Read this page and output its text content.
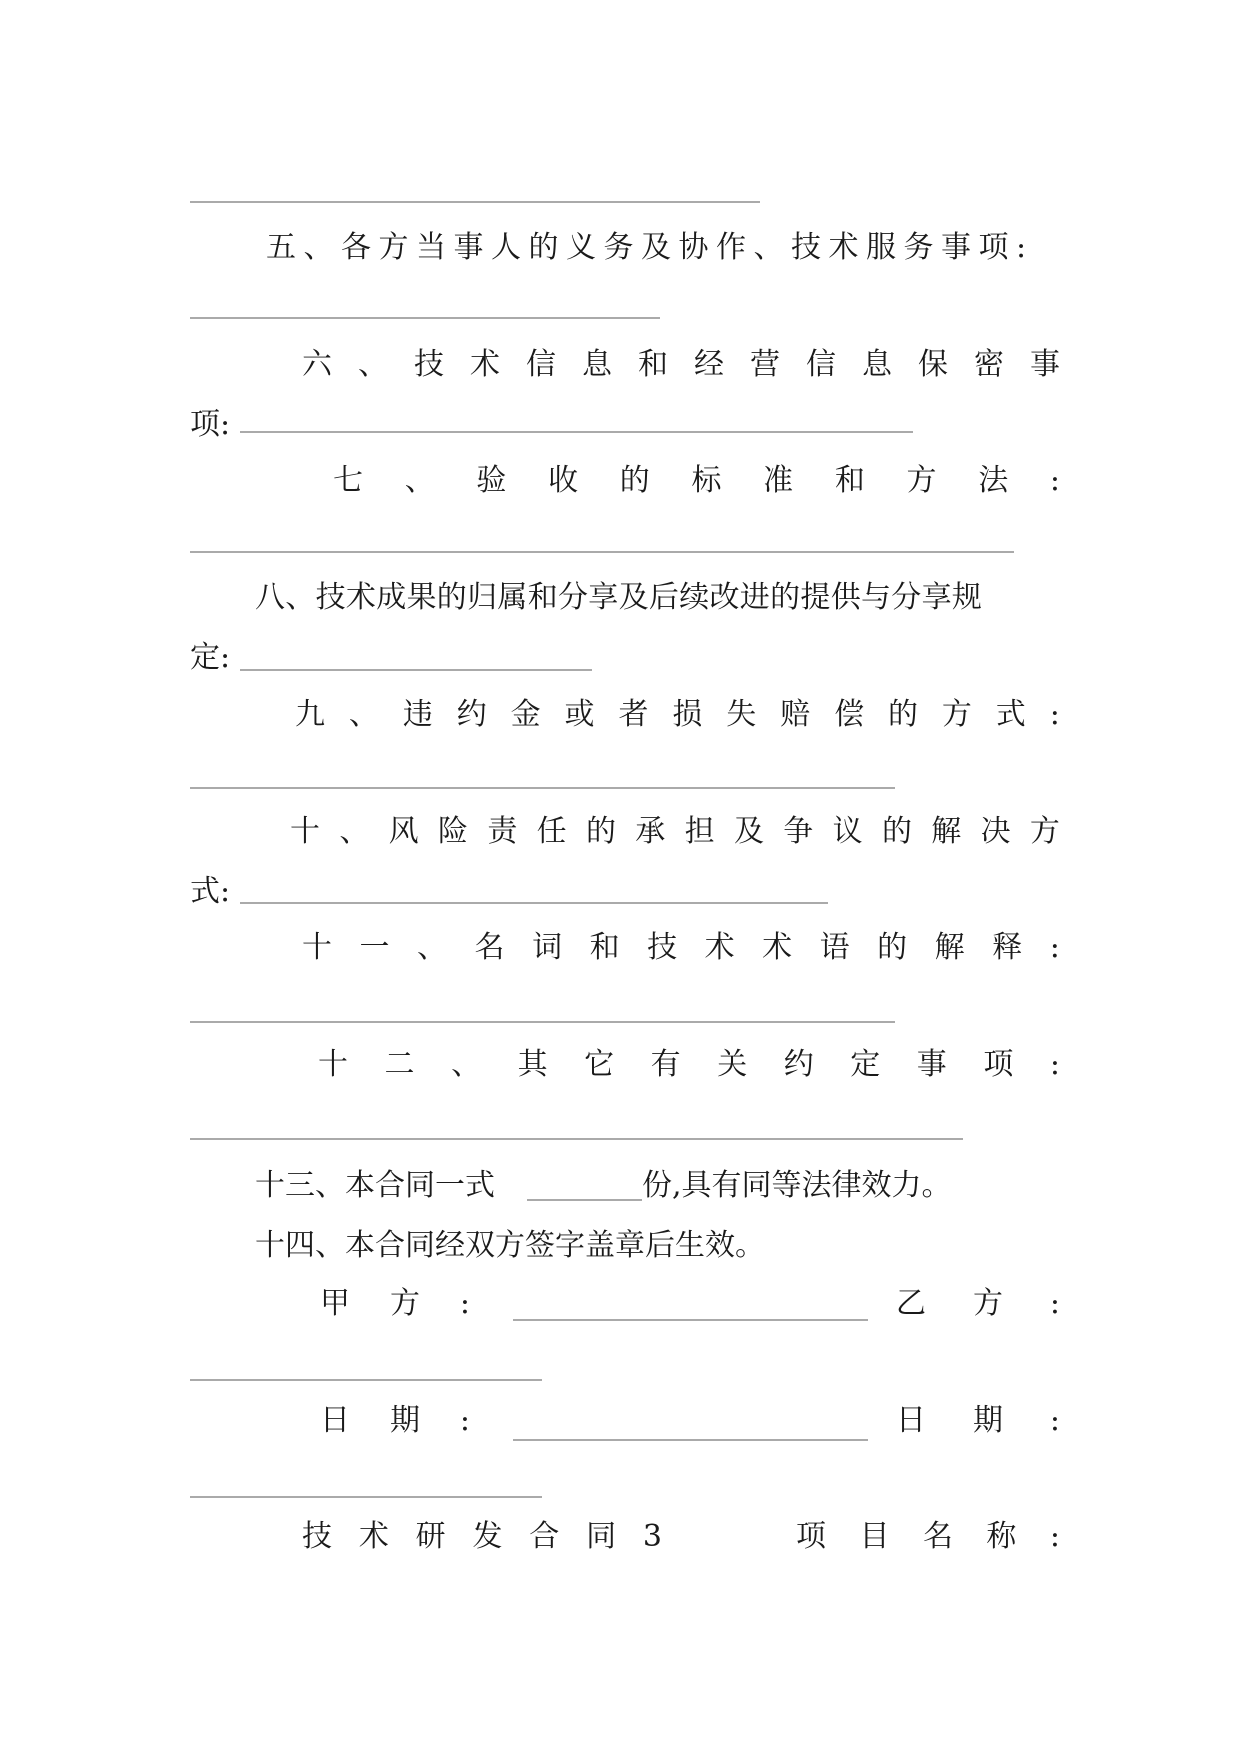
五、各方当事人的义务及协作、技术服务事项:
六 、 技 术 信 息 和 经 营 信 息 保 密 事
项:
七 、 验 收 的 标 准 和 方 法 :
八、技术成果的归属和分享及后续改进的提供与分享规
定:
九 、 违 约 金 或 者 损 失 赔 偿 的 方 式 :
十 、 风 险 责 任 的 承 担 及 争 议 的 解 决 方
式:
十 一 、 名 词 和 技 术 术 语 的 解 释 :
十 二 、 其 它 有 关 约 定 事 项 :
十三、本合同一式	份,具有同等法律效力。
十四、本合同经双方签字盖章后生效。
甲 方 :	乙 方 :
日 期 :	日 期 :
技 术 研 发 合 同 3	项 目 名 称 :
